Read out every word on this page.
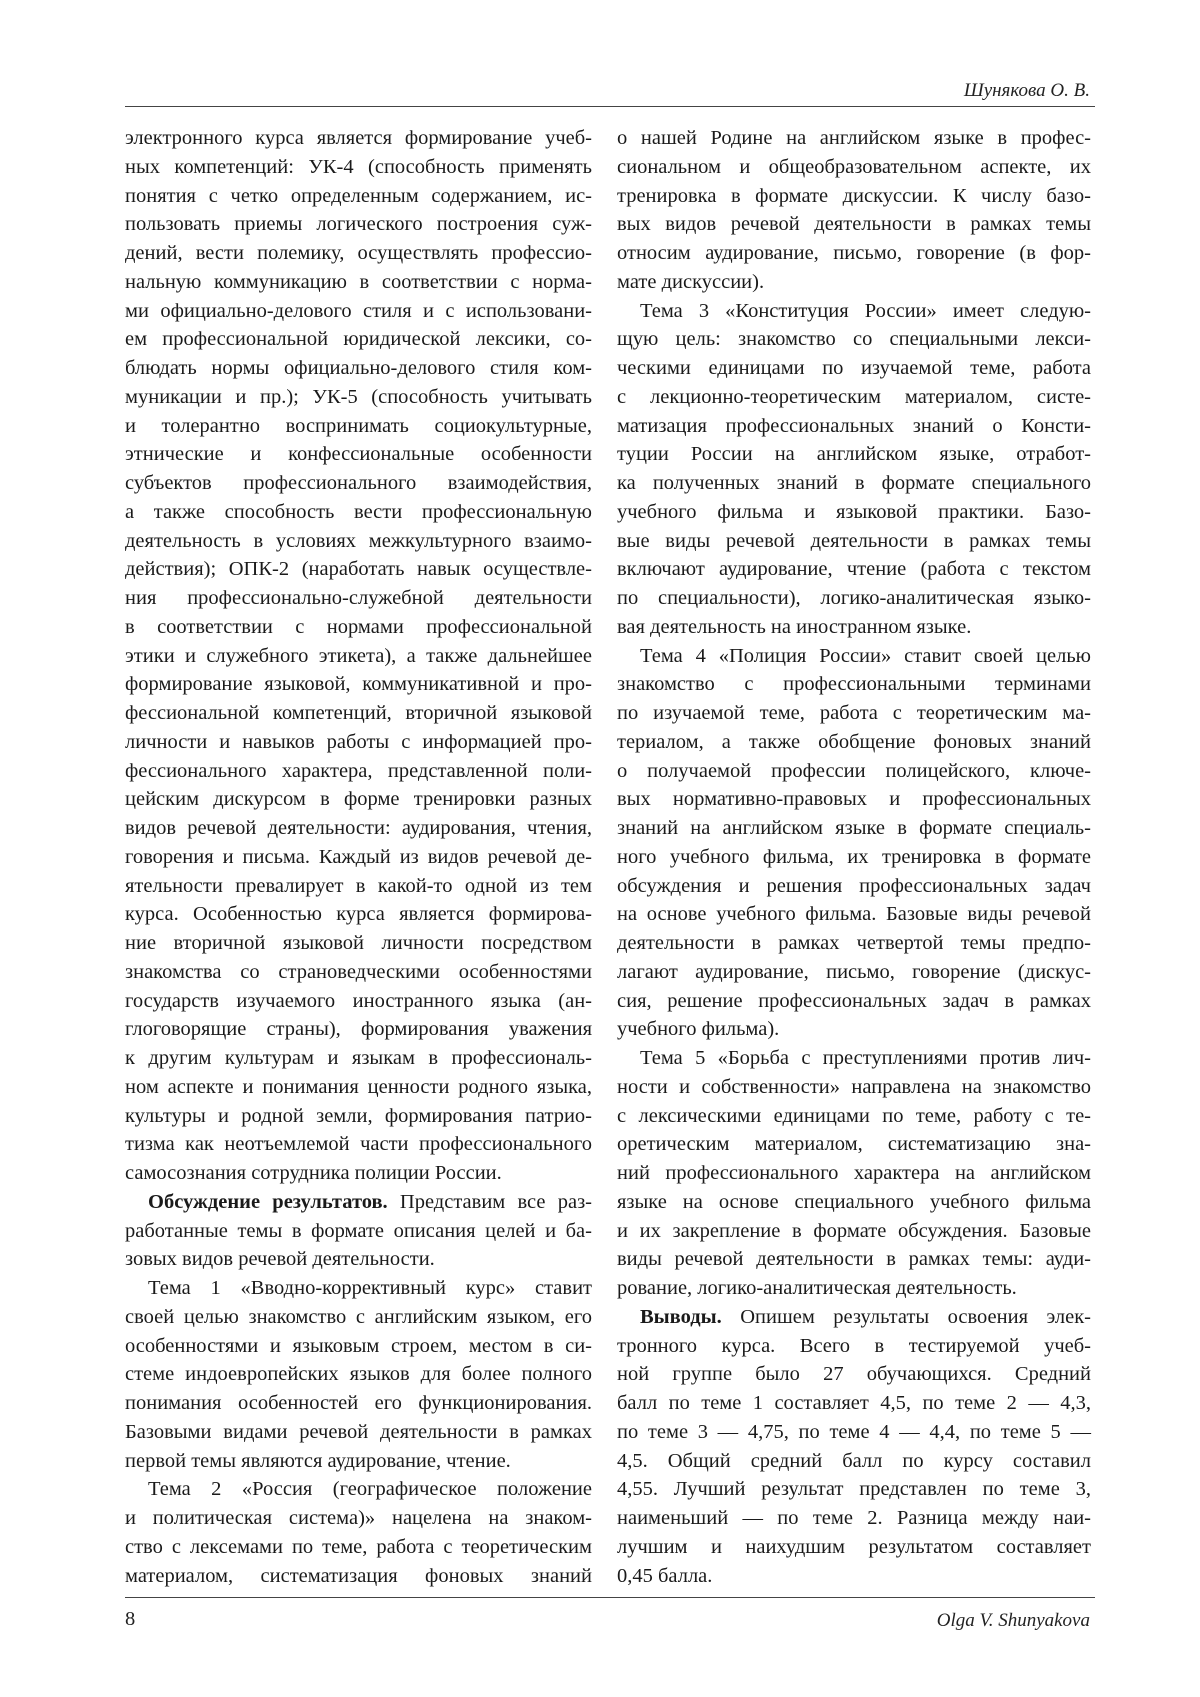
Шунякова О. В.
электронного курса является формирование учеб-
ных компетенций: УК-4 (способность применять
понятия с четко определенным содержанием, ис-
пользовать приемы логического построения суж-
дений, вести полемику, осуществлять профессио-
нальную коммуникацию в соответствии с норма-
ми официально-делового стиля и с использовани-
ем профессиональной юридической лексики, со-
блюдать нормы официально-делового стиля ком-
муникации и пр.); УК-5 (способность учитывать
и толерантно воспринимать социокультурные,
этнические и конфессиональные особенности
субъектов профессионального взаимодействия,
а также способность вести профессиональную
деятельность в условиях межкультурного взаимо-
действия); ОПК-2 (наработать навык осуществле-
ния профессионально-служебной деятельности
в соответствии с нормами профессиональной
этики и служебного этикета), а также дальнейшее
формирование языковой, коммуникативной и про-
фессиональной компетенций, вторичной языковой
личности и навыков работы с информацией про-
фессионального характера, представленной поли-
цейским дискурсом в форме тренировки разных
видов речевой деятельности: аудирования, чтения,
говорения и письма. Каждый из видов речевой де-
ятельности превалирует в какой-то одной из тем
курса. Особенностью курса является формирова-
ние вторичной языковой личности посредством
знакомства со страноведческими особенностями
государств изучаемого иностранного языка (ан-
глоговорящие страны), формирования уважения
к другим культурам и языкам в профессиональ-
ном аспекте и понимания ценности родного языка,
культуры и родной земли, формирования патрио-
тизма как неотъемлемой части профессионального
самосознания сотрудника полиции России.
Обсуждение результатов. Представим все раз-
работанные темы в формате описания целей и ба-
зовых видов речевой деятельности.
Тема 1 «Вводно-коррективный курс» ставит
своей целью знакомство с английским языком, его
особенностями и языковым строем, местом в си-
стеме индоевропейских языков для более полного
понимания особенностей его функционирования.
Базовыми видами речевой деятельности в рамках
первой темы являются аудирование, чтение.
Тема 2 «Россия (географическое положение
и политическая система)» нацелена на знаком-
ство с лексемами по теме, работа с теоретическим
материалом, систематизация фоновых знаний
о нашей Родине на английском языке в профес-
сиональном и общеобразовательном аспекте, их
тренировка в формате дискуссии. К числу базо-
вых видов речевой деятельности в рамках темы
относим аудирование, письмо, говорение (в фор-
мате дискуссии).
Тема 3 «Конституция России» имеет следую-
щую цель: знакомство со специальными лекси-
ческими единицами по изучаемой теме, работа
с лекционно-теоретическим материалом, систе-
матизация профессиональных знаний о Консти-
туции России на английском языке, отработ-
ка полученных знаний в формате специального
учебного фильма и языковой практики. Базо-
вые виды речевой деятельности в рамках темы
включают аудирование, чтение (работа с текстом
по специальности), логико-аналитическая языко-
вая деятельность на иностранном языке.
Тема 4 «Полиция России» ставит своей целью
знакомство с профессиональными терминами
по изучаемой теме, работа с теоретическим ма-
териалом, а также обобщение фоновых знаний
о получаемой профессии полицейского, ключе-
вых нормативно-правовых и профессиональных
знаний на английском языке в формате специаль-
ного учебного фильма, их тренировка в формате
обсуждения и решения профессиональных задач
на основе учебного фильма. Базовые виды речевой
деятельности в рамках четвертой темы предпо-
лагают аудирование, письмо, говорение (дискус-
сия, решение профессиональных задач в рамках
учебного фильма).
Тема 5 «Борьба с преступлениями против лич-
ности и собственности» направлена на знакомство
с лексическими единицами по теме, работу с те-
оретическим материалом, систематизацию зна-
ний профессионального характера на английском
языке на основе специального учебного фильма
и их закрепление в формате обсуждения. Базовые
виды речевой деятельности в рамках темы: ауди-
рование, логико-аналитическая деятельность.
Выводы. Опишем результаты освоения элек-
тронного курса. Всего в тестируемой учеб-
ной группе было 27 обучающихся. Средний
балл по теме 1 составляет 4,5, по теме 2 — 4,3,
по теме 3 — 4,75, по теме 4 — 4,4, по теме 5 —
4,5. Общий средний балл по курсу составил
4,55. Лучший результат представлен по теме 3,
наименьший — по теме 2. Разница между наи-
лучшим и наихудшим результатом составляет
0,45 балла.
8	Olga V. Shunyakova
